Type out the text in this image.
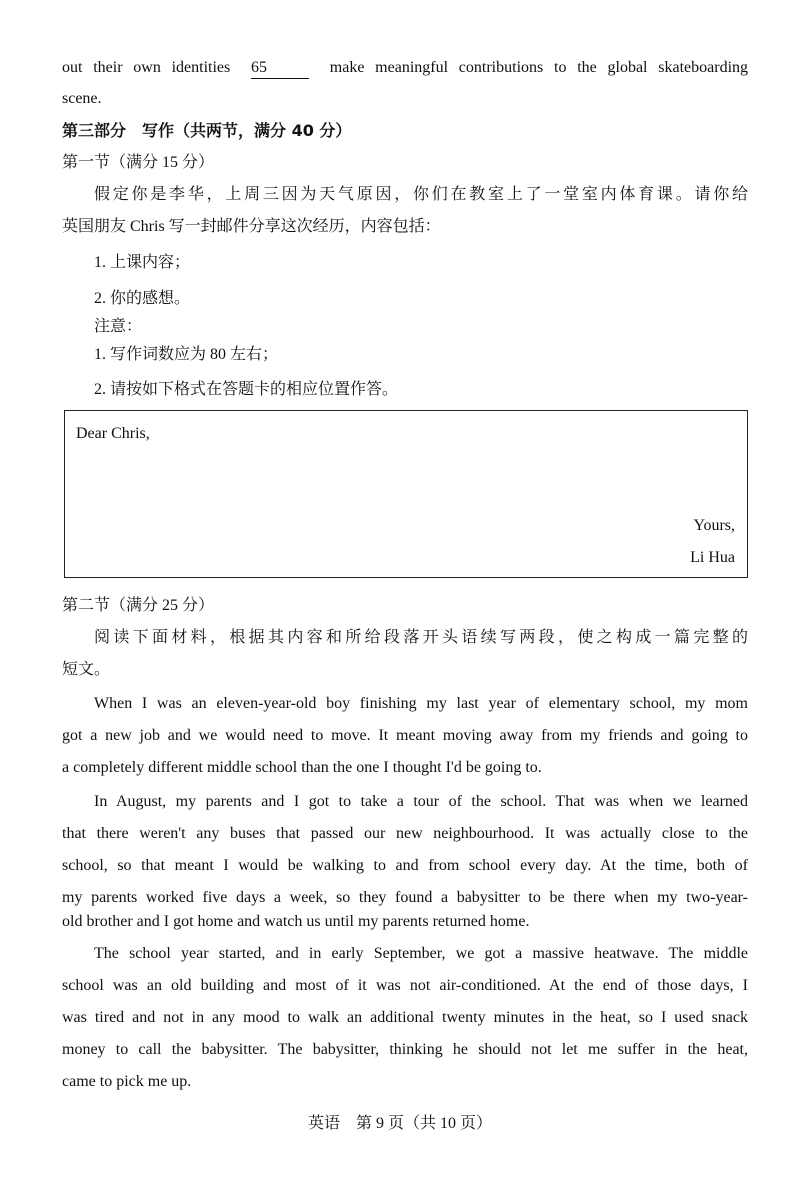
out their own identities 65	make meaningful contributions to the global skateboarding
scene.
第三部分　写作（共两节，满分 40 分）
第一节（满分 15 分）
假定你是李华，上周三因为天气原因，你们在教室上了一堂室内体育课。请你给
英国朋友 Chris 写一封邮件分享这次经历，内容包括：
1. 上课内容；
2. 你的感想。
注意：
1. 写作词数应为 80 左右；
2. 请按如下格式在答题卡的相应位置作答。
Dear Chris,
Yours,
Li Hua
第二节（满分 25 分）
阅读下面材料，根据其内容和所给段落开头语续写两段，使之构成一篇完整的
短文。
When I was an eleven-year-old boy finishing my last year of elementary school, my mom
got a new job and we would need to move. It meant moving away from my friends and going to
a completely different middle school than the one I thought I'd be going to.
In August, my parents and I got to take a tour of the school. That was when we learned
that there weren't any buses that passed our new neighbourhood. It was actually close to the
school, so that meant I would be walking to and from school every day. At the time, both of
my parents worked five days a week, so they found a babysitter to be there when my two-year-
old brother and I got home and watch us until my parents returned home.
The school year started, and in early September, we got a massive heatwave. The middle
school was an old building and most of it was not air-conditioned. At the end of those days, I
was tired and not in any mood to walk an additional twenty minutes in the heat, so I used snack
money to call the babysitter. The babysitter, thinking he should not let me suffer in the heat,
came to pick me up.
英语　第 9 页（共 10 页）
